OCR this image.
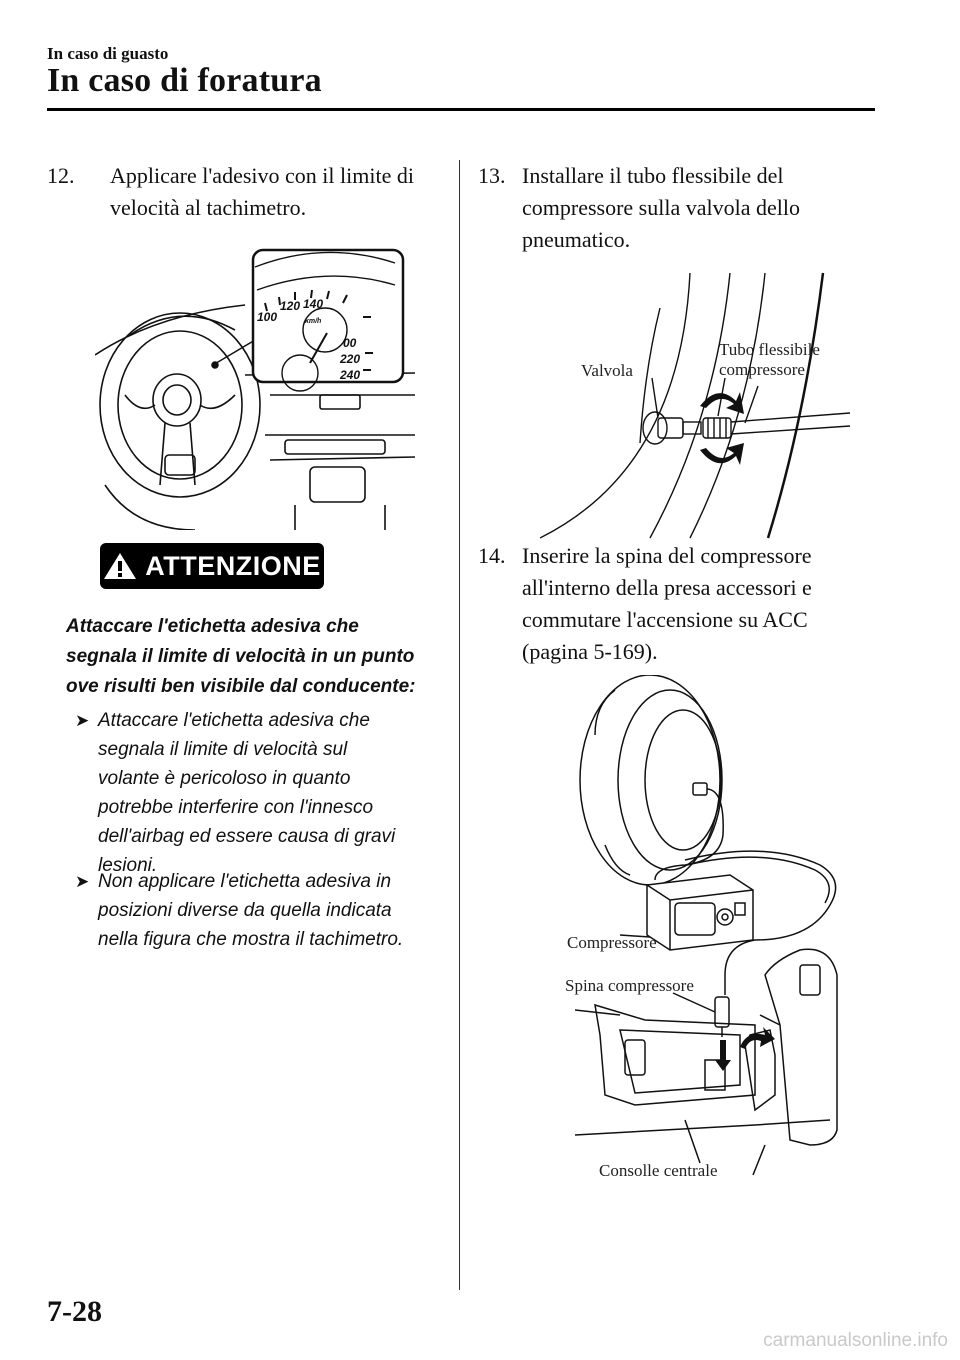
In caso di guasto
In caso di foratura
12. Applicare l'adesivo con il limite di
velocità al tachimetro.
100
120 140
km/h
00
220
240
ATTENZIONE
Attaccare l'etichetta adesiva che
segnala il limite di velocità in un punto
ove risulti ben visibile dal conducente:
➤ Attaccare l'etichetta adesiva che
segnala il limite di velocità sul
volante è pericoloso in quanto
potrebbe interferire con l'innesco
dell'airbag ed essere causa di gravi
lesioni.
➤ Non applicare l'etichetta adesiva in
posizioni diverse da quella indicata
nella figura che mostra il tachimetro.
13. Installare il tubo flessibile del
compressore sulla valvola dello
pneumatico.
Valvola
Tubo flessibile
compressore
14. Inserire la spina del compressore
all'interno della presa accessori e
commutare l'accensione su ACC
(pagina 5-169).
Compressore
Spina compressore
Consolle centrale
7-28
carmanualsonline.info
